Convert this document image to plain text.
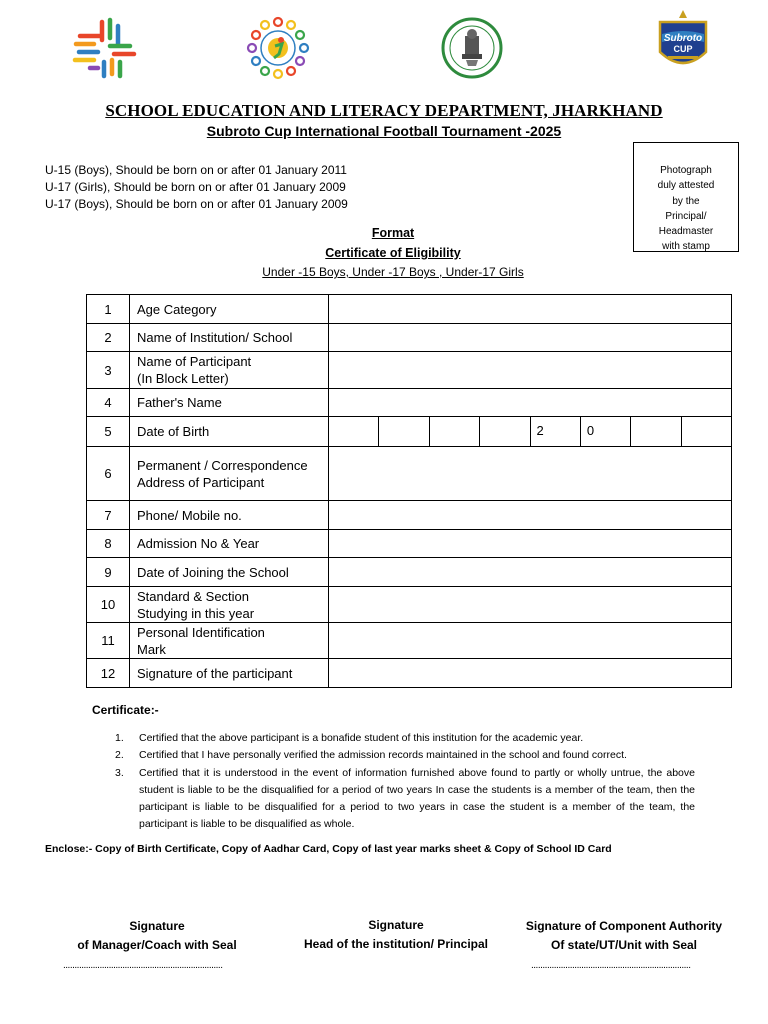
Subroto
CUP
SCHOOL EDUCATION AND LITERACY DEPARTMENT, JHARKHAND
Subroto Cup International Football Tournament -2025
U-15 (Boys), Should be born on or after 01 January 2011
U-17 (Girls), Should be born on or after 01 January 2009
U-17 (Boys), Should be born on or after 01 January 2009
Photograph
duly attested
by the
Principal/
Headmaster
with stamp
Format
Certificate of Eligibility
Under -15 Boys, Under -17 Boys , Under-17 Girls
1	Age Category	
2	Name of Institution/ School	
3	Name of Participant
(In Block Letter)	
4	Father's Name	
5	Date of Birth	2 0

6	Permanent / Correspondence Address of Participant	
7	Phone/ Mobile no.	
8	Admission No & Year	
9	Date of Joining the School	
10	Standard & Section
Studying in this year	
11	Personal Identification
Mark	
12	Signature of the participant	
Certificate:-
1. Certified that the above participant is a bonafide student of this institution for the academic year.
2. Certified that I have personally verified the admission records maintained in the school and found correct.
3. Certified that it is understood in the event of information furnished above found to partly or wholly untrue, the above student is liable to be the disqualified for a period of two years In case the students is a member of the team, then the participant is liable to be disqualified for a period to two years in case the student is a member of the team, the participant is liable to be disqualified as whole.
Enclose:- Copy of Birth Certificate, Copy of Aadhar Card, Copy of last year marks sheet & Copy of School ID Card
Signature
of Manager/Coach with Seal
Signature
Head of the institution/ Principal
Signature of Component Authority
Of state/UT/Unit with Seal
......................................................................	......................................................................
